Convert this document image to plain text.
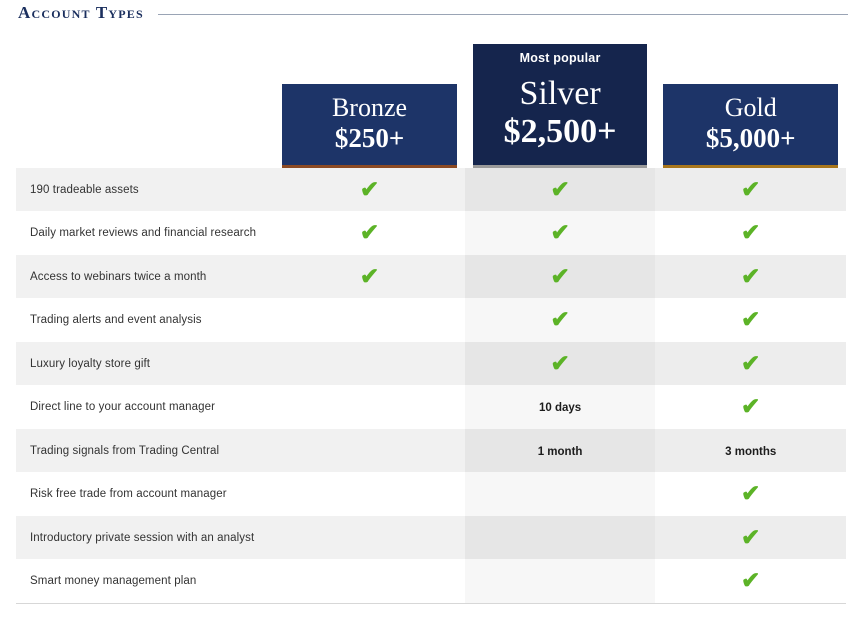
Account Types

Bronze
$250+

Most popular
Silver
$2,500+

Gold
$5,000+

190 tradeable assets	✔	✔	✔
Daily market reviews and financial research	✔	✔	✔
Access to webinars twice a month	✔	✔	✔
Trading alerts and event analysis		✔	✔
Luxury loyalty store gift		✔	✔
Direct line to your account manager		10 days	✔
Trading signals from Trading Central		1 month	3 months
Risk free trade from account manager			✔
Introductory private session with an analyst			✔
Smart money management plan			✔
